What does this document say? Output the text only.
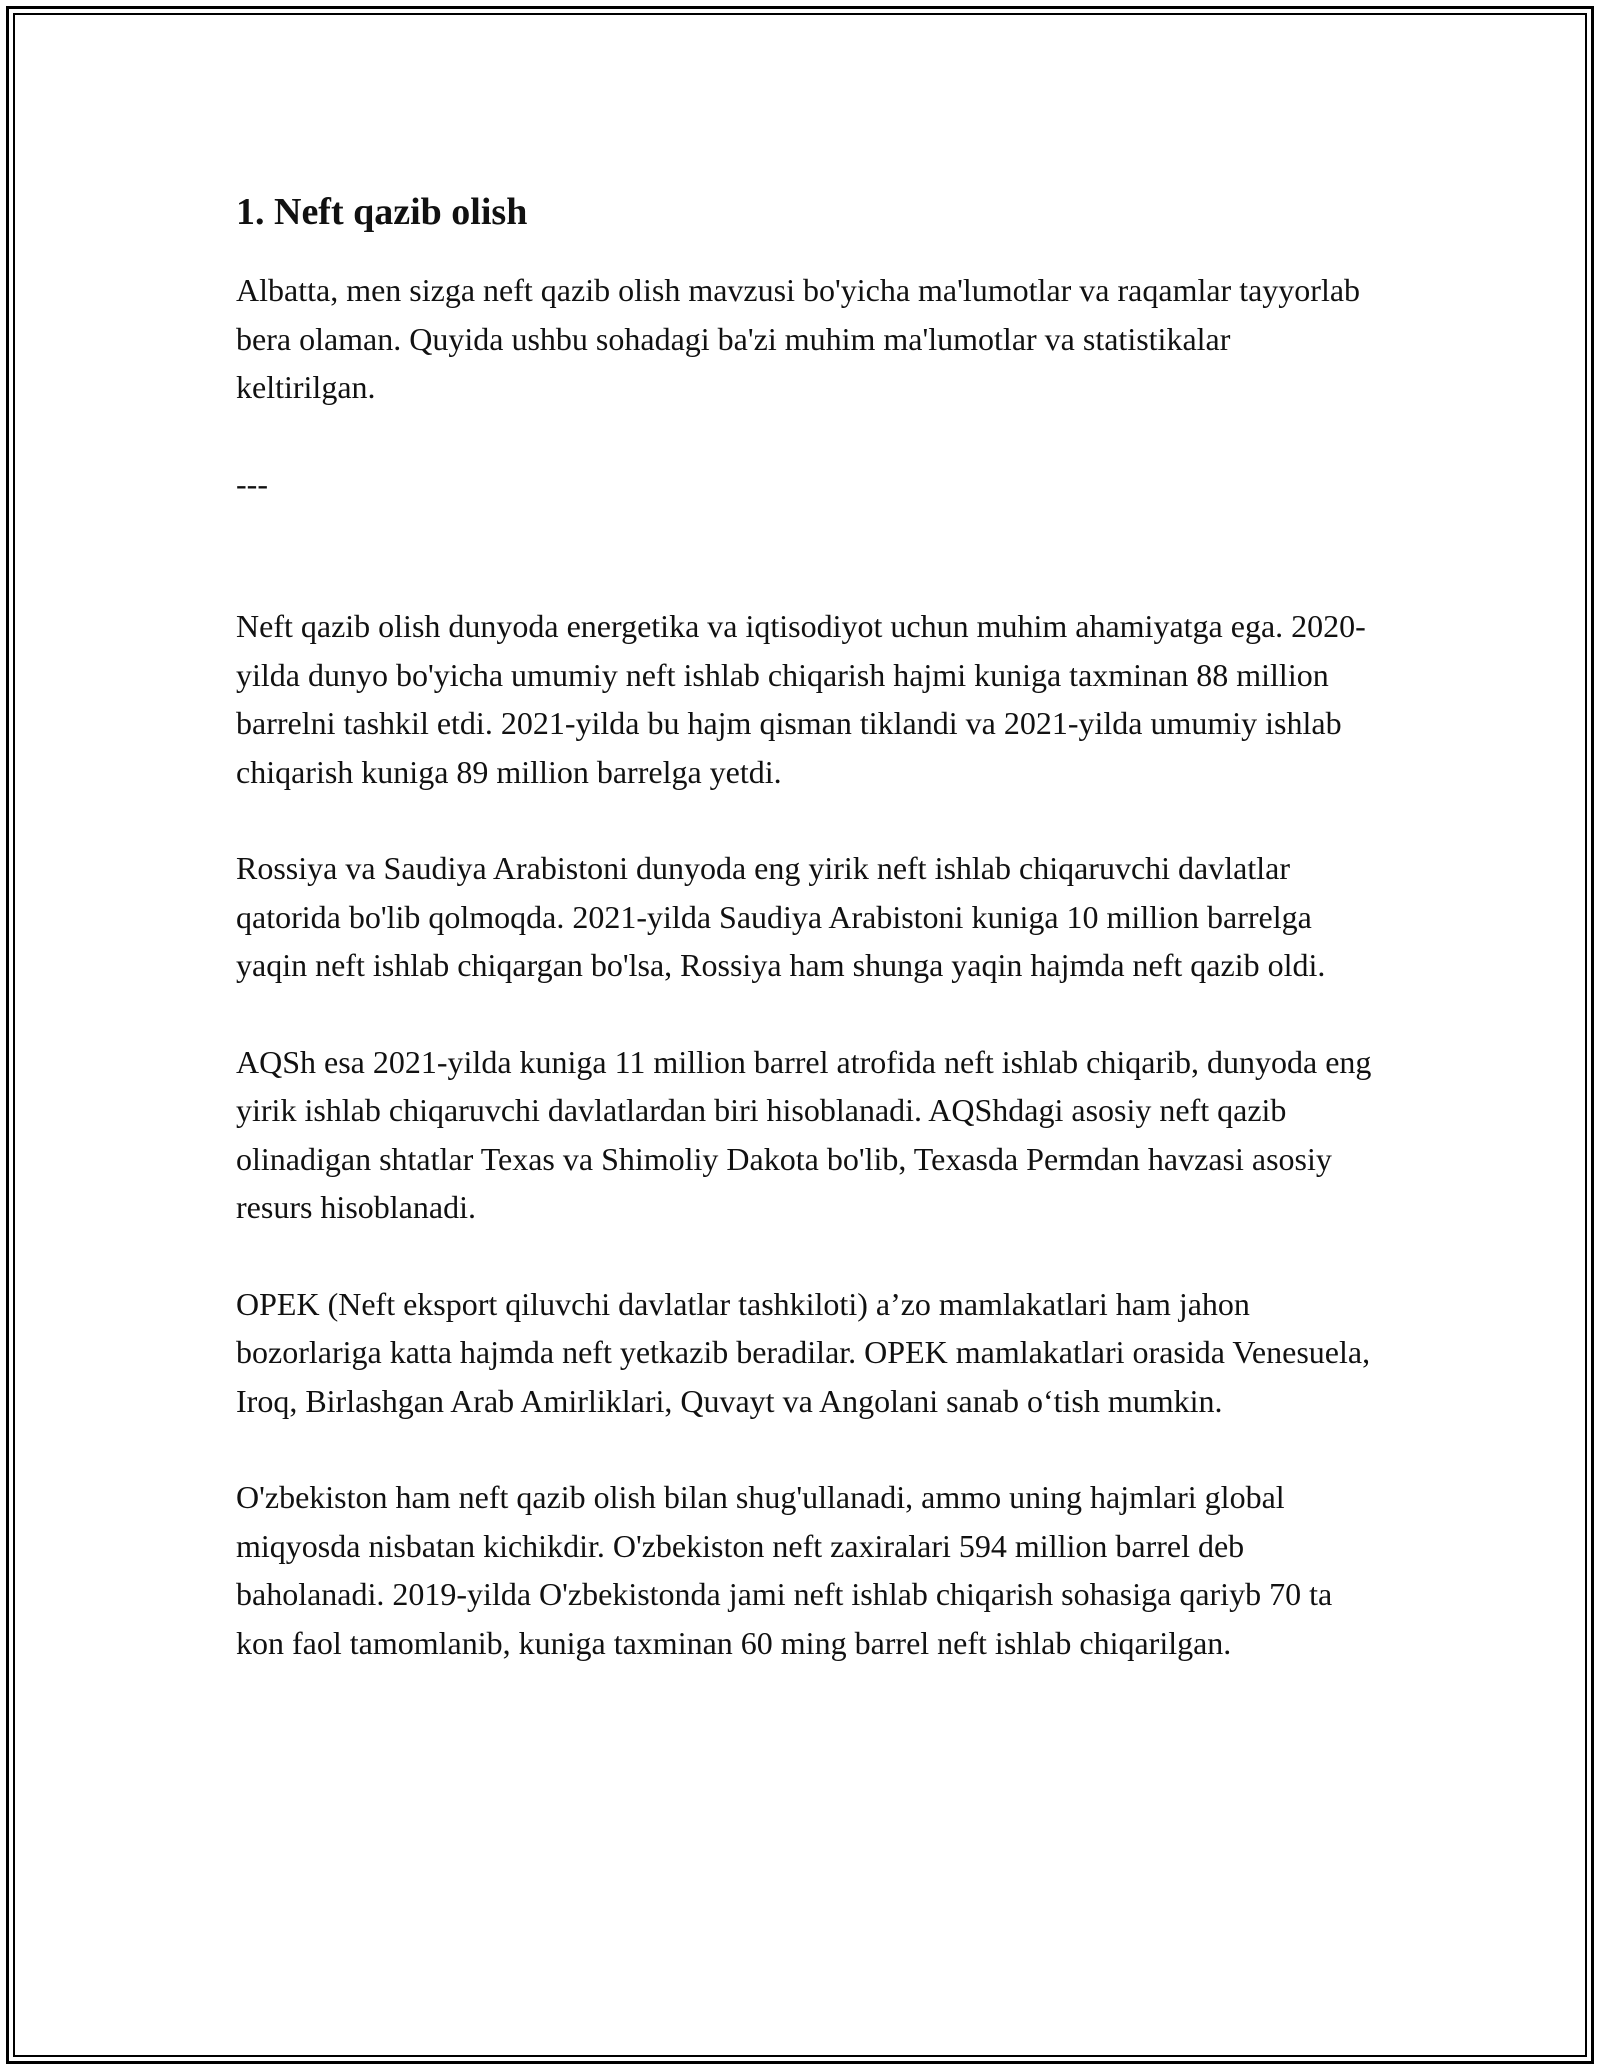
1. Neft qazib olish

Albatta, men sizga neft qazib olish mavzusi bo'yicha ma'lumotlar va raqamlar tayyorlab bera olaman. Quyida ushbu sohadagi ba'zi muhim ma'lumotlar va statistikalar keltirilgan.

---

Neft qazib olish dunyoda energetika va iqtisodiyot uchun muhim ahamiyatga ega. 2020-yilda dunyo bo'yicha umumiy neft ishlab chiqarish hajmi kuniga taxminan 88 million barrelni tashkil etdi. 2021-yilda bu hajm qisman tiklandi va 2021-yilda umumiy ishlab chiqarish kuniga 89 million barrelga yetdi.

Rossiya va Saudiya Arabistoni dunyoda eng yirik neft ishlab chiqaruvchi davlatlar qatorida bo'lib qolmoqda. 2021-yilda Saudiya Arabistoni kuniga 10 million barrelga yaqin neft ishlab chiqargan bo'lsa, Rossiya ham shunga yaqin hajmda neft qazib oldi.

AQSh esa 2021-yilda kuniga 11 million barrel atrofida neft ishlab chiqarib, dunyoda eng yirik ishlab chiqaruvchi davlatlardan biri hisoblanadi. AQShdagi asosiy neft qazib olinadigan shtatlar Texas va Shimoliy Dakota bo'lib, Texasda Permdan havzasi asosiy resurs hisoblanadi.

OPEK (Neft eksport qiluvchi davlatlar tashkiloti) a’zo mamlakatlari ham jahon bozorlariga katta hajmda neft yetkazib beradilar. OPEK mamlakatlari orasida Venesuela, Iroq, Birlashgan Arab Amirliklari, Quvayt va Angolani sanab o‘tish mumkin.

O'zbekiston ham neft qazib olish bilan shug'ullanadi, ammo uning hajmlari global miqyosda nisbatan kichikdir. O'zbekiston neft zaxiralari 594 million barrel deb baholanadi. 2019-yilda O'zbekistonda jami neft ishlab chiqarish sohasiga qariyb 70 ta kon faol tamomlanib, kuniga taxminan 60 ming barrel neft ishlab chiqarilgan.
